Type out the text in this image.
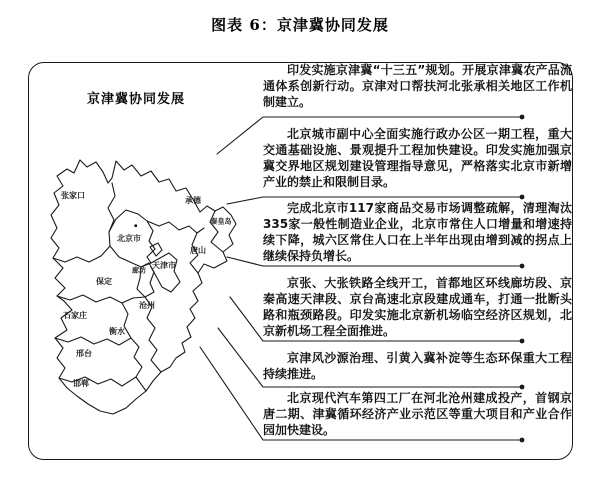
图表 6：京津冀协同发展
京津冀协同发展
▪
张家口
承德
秦皇岛
北京市
唐山
天津市
廊坊
保定
沧州
石家庄
衡水
邢台
邯郸
印发实施京津冀“十三五”规划。开展京津冀农产品流通体系创新行动。京津对口帮扶河北张承相关地区工作机制建立。
北京城市副中心全面实施行政办公区一期工程，重大交通基础设施、景观提升工程加快建设。印发实施加强京冀交界地区规划建设管理指导意见，严格落实北京市新增产业的禁止和限制目录。
完成北京市117家商品交易市场调整疏解，清理淘汰335家一般性制造业企业，北京市常住人口增量和增速持续下降，城六区常住人口在上半年出现由增到减的拐点上继续保持负增长。
京张、大张铁路全线开工，首都地区环线廊坊段、京秦高速天津段、京台高速北京段建成通车，打通一批断头路和瓶颈路段。印发实施北京新机场临空经济区规划，北京新机场工程全面推进。
京津风沙源治理、引黄入冀补淀等生态环保重大工程持续推进。
北京现代汽车第四工厂在河北沧州建成投产，首钢京唐二期、津冀循环经济产业示范区等重大项目和产业合作园加快建设。
